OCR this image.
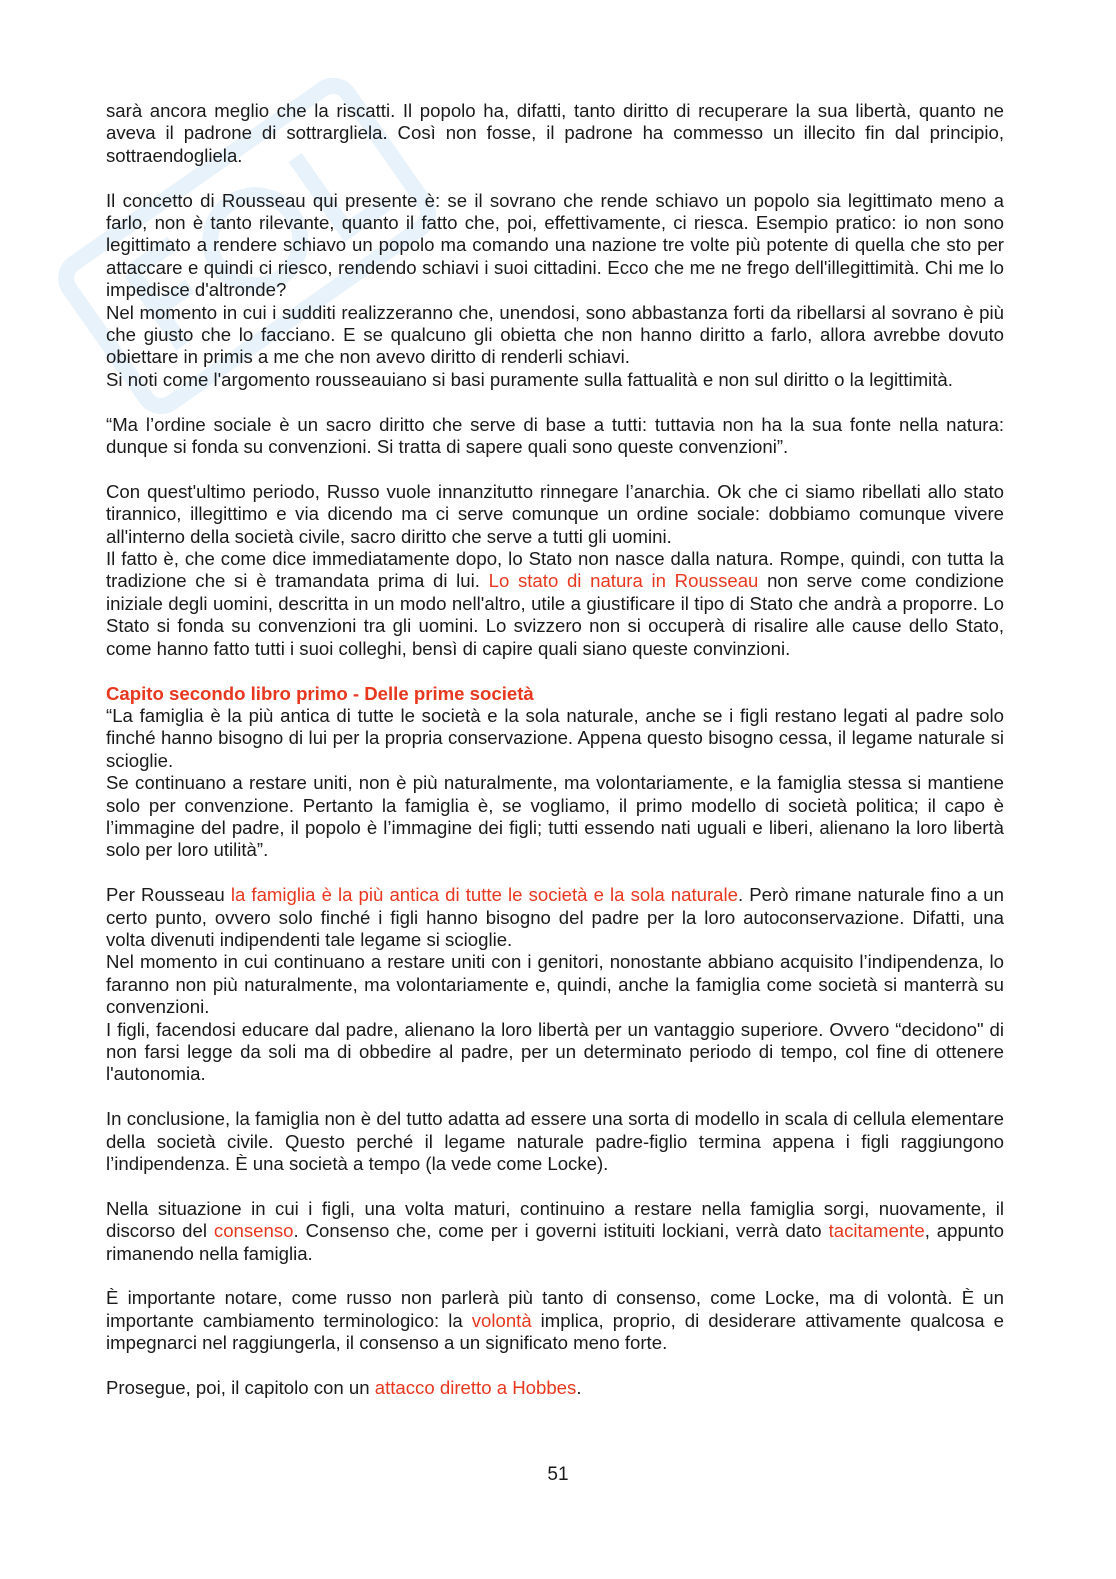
sarà ancora meglio che la riscatti. Il popolo ha, difatti, tanto diritto di recuperare la sua libertà, quanto ne aveva il padrone di sottrargliela. Così non fosse, il padrone ha commesso un illecito fin dal principio, sottraendogliela.

Il concetto di Rousseau qui presente è: se il sovrano che rende schiavo un popolo sia legittimato meno a farlo, non è tanto rilevante, quanto il fatto che, poi, effettivamente, ci riesca. Esempio pratico: io non sono legittimato a rendere schiavo un popolo ma comando una nazione tre volte più potente di quella che sto per attaccare e quindi ci riesco, rendendo schiavi i suoi cittadini. Ecco che me ne frego dell'illegittimità. Chi me lo impedisce d'altronde?

Nel momento in cui i sudditi realizzeranno che, unendosi, sono abbastanza forti da ribellarsi al sovrano è più che giusto che lo facciano. E se qualcuno gli obietta che non hanno diritto a farlo, allora avrebbe dovuto obiettare in primis a me che non avevo diritto di renderli schiavi.

Si noti come l'argomento rousseauiano si basi puramente sulla fattualità e non sul diritto o la legittimità.

“Ma l’ordine sociale è un sacro diritto che serve di base a tutti: tuttavia non ha la sua fonte nella natura: dunque si fonda su convenzioni. Si tratta di sapere quali sono queste convenzioni”.

Con quest'ultimo periodo, Russo vuole innanzitutto rinnegare l’anarchia. Ok che ci siamo ribellati allo stato tirannico, illegittimo e via dicendo ma ci serve comunque un ordine sociale: dobbiamo comunque vivere all'interno della società civile, sacro diritto che serve a tutti gli uomini.

Il fatto è, che come dice immediatamente dopo, lo Stato non nasce dalla natura. Rompe, quindi, con tutta la tradizione che si è tramandata prima di lui. Lo stato di natura in Rousseau non serve come condizione iniziale degli uomini, descritta in un modo nell'altro, utile a giustificare il tipo di Stato che andrà a proporre. Lo Stato si fonda su convenzioni tra gli uomini. Lo svizzero non si occuperà di risalire alle cause dello Stato, come hanno fatto tutti i suoi colleghi, bensì di capire quali siano queste convinzioni.

Capito secondo libro primo - Delle prime società

“La famiglia è la più antica di tutte le società e la sola naturale, anche se i figli restano legati al padre solo finché hanno bisogno di lui per la propria conservazione. Appena questo bisogno cessa, il legame naturale si scioglie.

Se continuano a restare uniti, non è più naturalmente, ma volontariamente, e la famiglia stessa si mantiene solo per convenzione. Pertanto la famiglia è, se vogliamo, il primo modello di società politica; il capo è l’immagine del padre, il popolo è l’immagine dei figli; tutti essendo nati uguali e liberi, alienano la loro libertà solo per loro utilità”.

Per Rousseau la famiglia è la più antica di tutte le società e la sola naturale. Però rimane naturale fino a un certo punto, ovvero solo finché i figli hanno bisogno del padre per la loro autoconservazione. Difatti, una volta divenuti indipendenti tale legame si scioglie.

Nel momento in cui continuano a restare uniti con i genitori, nonostante abbiano acquisito l’indipendenza, lo faranno non più naturalmente, ma volontariamente e, quindi, anche la famiglia come società si manterrà su convenzioni.

I figli, facendosi educare dal padre, alienano la loro libertà per un vantaggio superiore. Ovvero “decidono" di non farsi legge da soli ma di obbedire al padre, per un determinato periodo di tempo, col fine di ottenere l'autonomia.

In conclusione, la famiglia non è del tutto adatta ad essere una sorta di modello in scala di cellula elementare della società civile. Questo perché il legame naturale padre-figlio termina appena i figli raggiungono l’indipendenza. È una società a tempo (la vede come Locke).

Nella situazione in cui i figli, una volta maturi, continuino a restare nella famiglia sorgi, nuovamente, il discorso del consenso. Consenso che, come per i governi istituiti lockiani, verrà dato tacitamente, appunto rimanendo nella famiglia.

È importante notare, come russo non parlerà più tanto di consenso, come Locke, ma di volontà. È un importante cambiamento terminologico: la volontà implica, proprio, di desiderare attivamente qualcosa e impegnarci nel raggiungerla, il consenso a un significato meno forte.

Prosegue, poi, il capitolo con un attacco diretto a Hobbes.

51
